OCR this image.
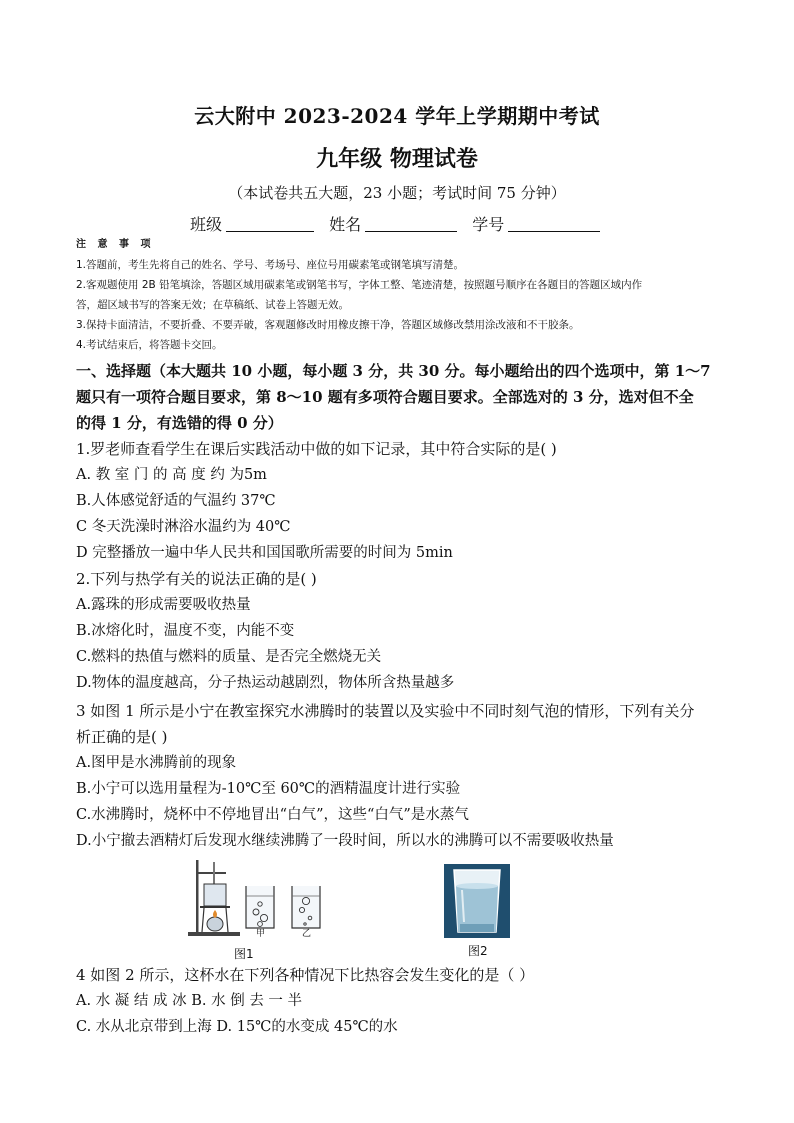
云大附中 2023-2024 学年上学期期中考试
九年级 物理试卷
（本试卷共五大题，23 小题；考试时间 75 分钟）
班级	姓名	学号
注 意 事 项
1.答题前，考生先将自己的姓名、学号、考场号、座位号用碳素笔或钢笔填写清楚。
2.客观题使用 2B 铅笔填涂，答题区域用碳素笔或钢笔书写，字体工整、笔迹清楚，按照题号顺序在各题目的答题区域内作
答，超区域书写的答案无效；在草稿纸、试卷上答题无效。
3.保持卡面清洁，不要折叠、不要弄破，客观题修改时用橡皮擦干净，答题区域修改禁用涂改液和不干胶条。
4.考试结束后，将答题卡交回。
一、选择题（本大题共 10 小题，每小题 3 分，共 30 分。每小题给出的四个选项中，第 1～7
题只有一项符合题目要求，第 8～10 题有多项符合题目要求。全部选对的 3 分，选对但不全
的得 1 分，有选错的得 0 分）
1.罗老师查看学生在课后实践活动中做的如下记录，其中符合实际的是( )
A. 教 室 门 的 高 度 约 为5m
B.人体感觉舒适的气温约 37℃
C 冬天洗澡时淋浴水温约为 40℃
D 完整播放一遍中华人民共和国国歌所需要的时间为 5min
2.下列与热学有关的说法正确的是( )
A.露珠的形成需要吸收热量
B.冰熔化时，温度不变，内能不变
C.燃料的热值与燃料的质量、是否完全燃烧无关
D.物体的温度越高，分子热运动越剧烈，物体所含热量越多
3 如图 1 所示是小宁在教室探究水沸腾时的装置以及实验中不同时刻气泡的情形，下列有关分
析正确的是( )
A.图甲是水沸腾前的现象
B.小宁可以选用量程为-10℃至 60℃的酒精温度计进行实验
C.水沸腾时，烧杯中不停地冒出“白气”，这些“白气”是水蒸气
D.小宁撤去酒精灯后发现水继续沸腾了一段时间，所以水的沸腾可以不需要吸收热量
甲	乙
图1	图2
4 如图 2 所示，这杯水在下列各种情况下比热容会发生变化的是（ ）
A. 水 凝 结 成 冰 B. 水 倒 去 一 半
C. 水从北京带到上海 D. 15℃的水变成 45℃的水
